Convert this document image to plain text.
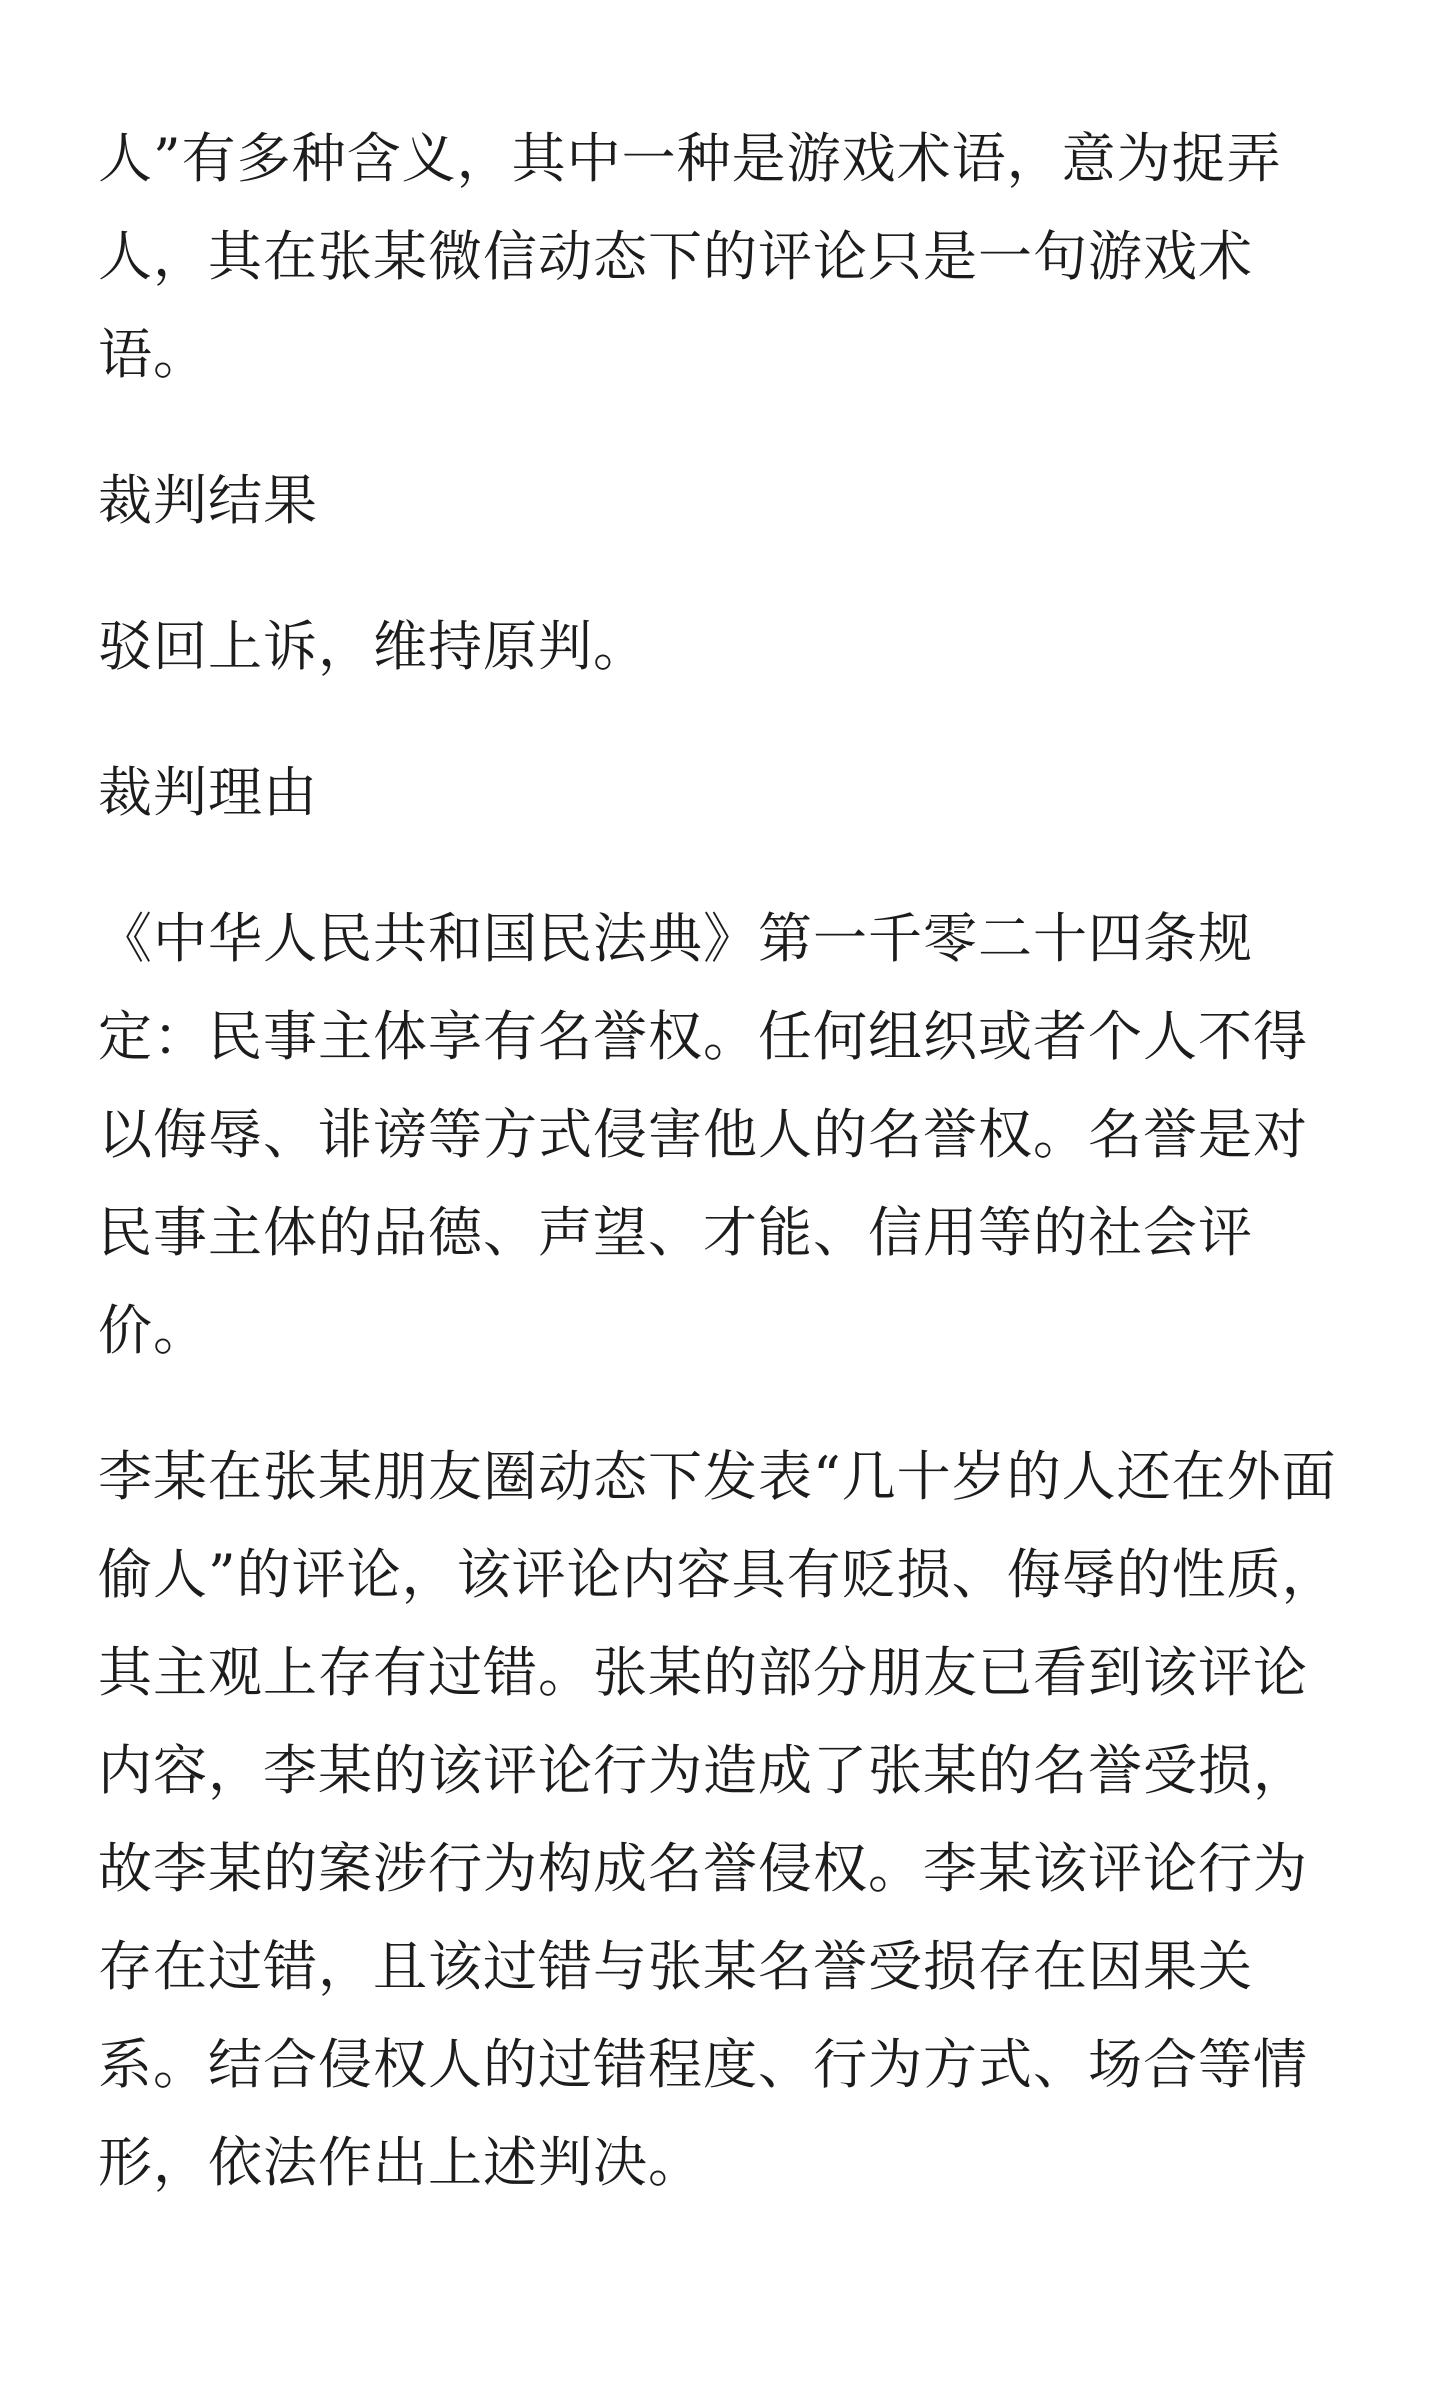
人”有多种含义，其中一种是游戏术语，意为捉弄人，其在张某微信动态下的评论只是一句游戏术语。

裁判结果

驳回上诉，维持原判。

裁判理由

《中华人民共和国民法典》第一千零二十四条规定：民事主体享有名誉权。任何组织或者个人不得以侮辱、诽谤等方式侵害他人的名誉权。名誉是对民事主体的品德、声望、才能、信用等的社会评价。

李某在张某朋友圈动态下发表“几十岁的人还在外面偷人”的评论，该评论内容具有贬损、侮辱的性质，其主观上存有过错。张某的部分朋友已看到该评论内容，李某的该评论行为造成了张某的名誉受损，故李某的案涉行为构成名誉侵权。李某该评论行为存在过错，且该过错与张某名誉受损存在因果关系。结合侵权人的过错程度、行为方式、场合等情形，依法作出上述判决。
